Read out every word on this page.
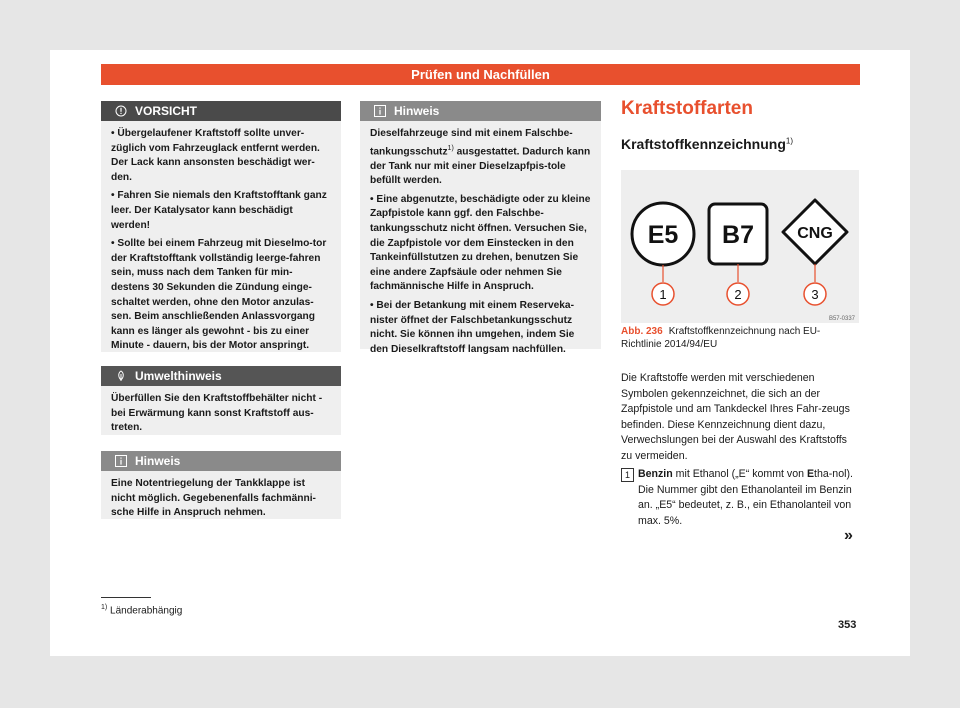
Prüfen und Nachfüllen
VORSICHT

• Übergelaufener Kraftstoff sollte unver-züglich vom Fahrzeuglack entfernt werden. Der Lack kann ansonsten beschädigt wer-den.

• Fahren Sie niemals den Kraftstofftank ganz leer. Der Katalysator kann beschädigt werden!

• Sollte bei einem Fahrzeug mit Dieselmo-tor der Kraftstofftank vollständig leerge-fahren sein, muss nach dem Tanken für min-destens 30 Sekunden die Zündung einge-schaltet werden, ohne den Motor anzulas-sen. Beim anschließenden Anlassvorgang kann es länger als gewohnt - bis zu einer Minute - dauern, bis der Motor anspringt.

Umwelthinweis

Überfüllen Sie den Kraftstoffbehälter nicht - bei Erwärmung kann sonst Kraftstoff aus-treten.

Hinweis

Eine Notentriegelung der Tankklappe ist nicht möglich. Gegebenenfalls fachmänni-sche Hilfe in Anspruch nehmen.

Hinweis

Dieselfahrzeuge sind mit einem Falschbe-tankungsschutz$^{1)}$ ausgestattet. Dadurch kann der Tank nur mit einer Dieselzapfpis-tole befüllt werden.

• Eine abgenutzte, beschädigte oder zu kleine Zapfpistole kann ggf. den Falschbe-tankungsschutz nicht öffnen. Versuchen Sie, die Zapfpistole vor dem Einstecken in den Tankeinfüllstutzen zu drehen, benutzen Sie eine andere Zapfsäule oder nehmen Sie fachmännische Hilfe in Anspruch.

• Bei der Betankung mit einem Reserveka-nister öffnet der Falschbetankungsschutz nicht. Sie können ihn umgehen, indem Sie den Dieselkraftstoff langsam nachfüllen.

Kraftstoffarten
Kraftstoffkennzeichnung$^{1)}$
E5 B7	CNG
1	2	3
B57-0337
Abb. 236 Kraftstoffkennzeichnung nach EU-Richtlinie 2014/94/EU
Die Kraftstoffe werden mit verschiedenen Symbolen gekennzeichnet, die sich an der Zapfpistole und am Tankdeckel Ihres Fahr-zeugs befinden. Diese Kennzeichnung dient dazu, Verwechslungen bei der Auswahl des Kraftstoffs zu vermeiden.
1 Benzin mit Ethanol („E“ kommt von Etha-nol). Die Nummer gibt den Ethanolanteil im Benzin an. „E5“ bedeutet, z. B., ein Ethanolanteil von max. 5%.
»
$^{1)}$ Länderabhängig
353
